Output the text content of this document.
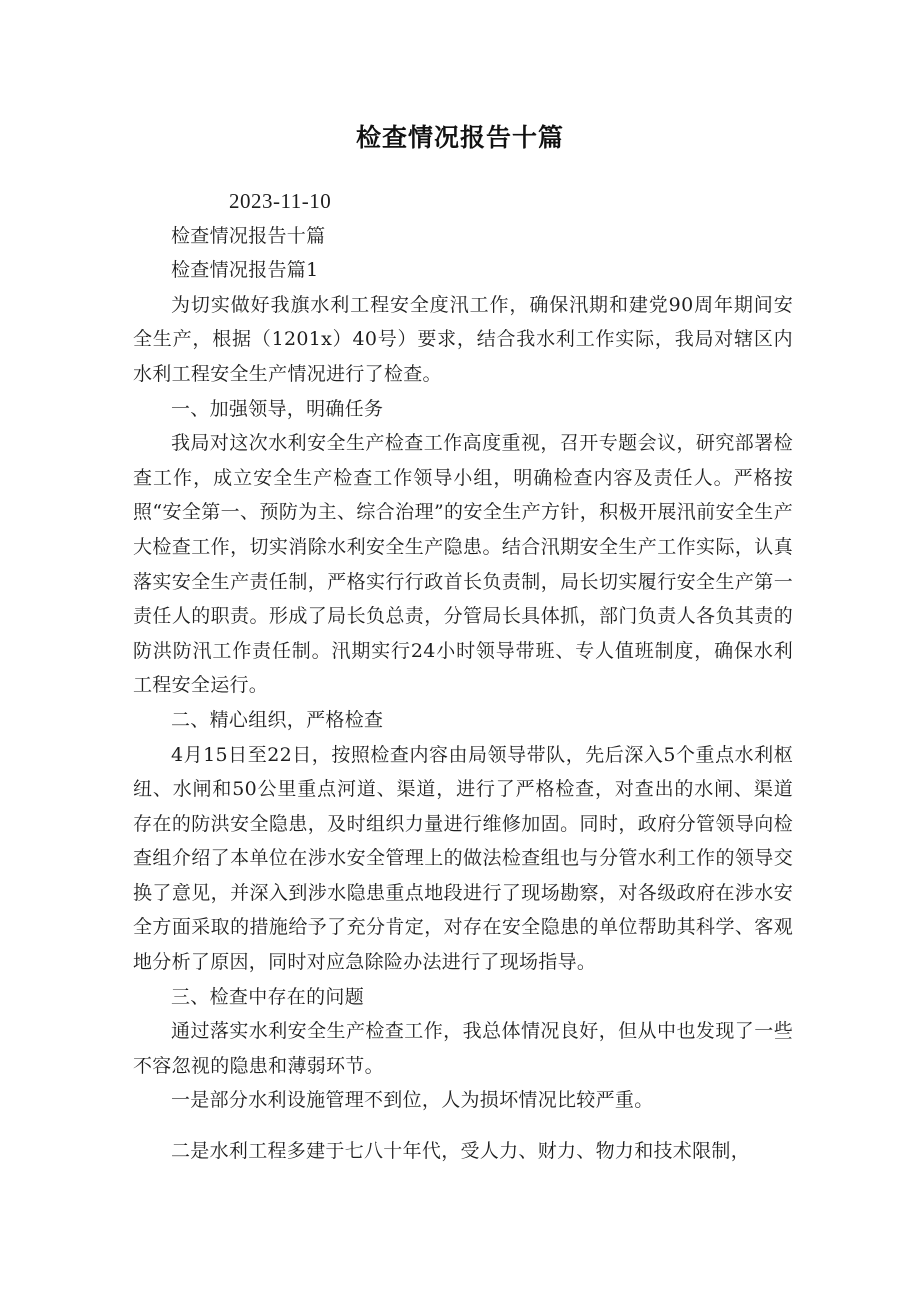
检查情况报告十篇

2023-11-10

检查情况报告十篇

检查情况报告篇1

为切实做好我旗水利工程安全度汛工作，确保汛期和建党90周年期间安全生产，根据（1201x）40号）要求，结合我水利工作实际，我局对辖区内水利工程安全生产情况进行了检查。

一、加强领导，明确任务

我局对这次水利安全生产检查工作高度重视，召开专题会议，研究部署检查工作，成立安全生产检查工作领导小组，明确检查内容及责任人。严格按照“安全第一、预防为主、综合治理”的安全生产方针，积极开展汛前安全生产大检查工作，切实消除水利安全生产隐患。结合汛期安全生产工作实际，认真落实安全生产责任制，严格实行行政首长负责制，局长切实履行安全生产第一责任人的职责。形成了局长负总责，分管局长具体抓，部门负责人各负其责的防洪防汛工作责任制。汛期实行24小时领导带班、专人值班制度，确保水利工程安全运行。

二、精心组织，严格检查

4月15日至22日，按照检查内容由局领导带队，先后深入5个重点水利枢纽、水闸和50公里重点河道、渠道，进行了严格检查，对查出的水闸、渠道存在的防洪安全隐患，及时组织力量进行维修加固。同时，政府分管领导向检查组介绍了本单位在涉水安全管理上的做法检查组也与分管水利工作的领导交换了意见，并深入到涉水隐患重点地段进行了现场勘察，对各级政府在涉水安全方面采取的措施给予了充分肯定，对存在安全隐患的单位帮助其科学、客观地分析了原因，同时对应急除险办法进行了现场指导。

三、检查中存在的问题

通过落实水利安全生产检查工作，我总体情况良好，但从中也发现了一些不容忽视的隐患和薄弱环节。

一是部分水利设施管理不到位，人为损坏情况比较严重。

二是水利工程多建于七八十年代，受人力、财力、物力和技术限制，
